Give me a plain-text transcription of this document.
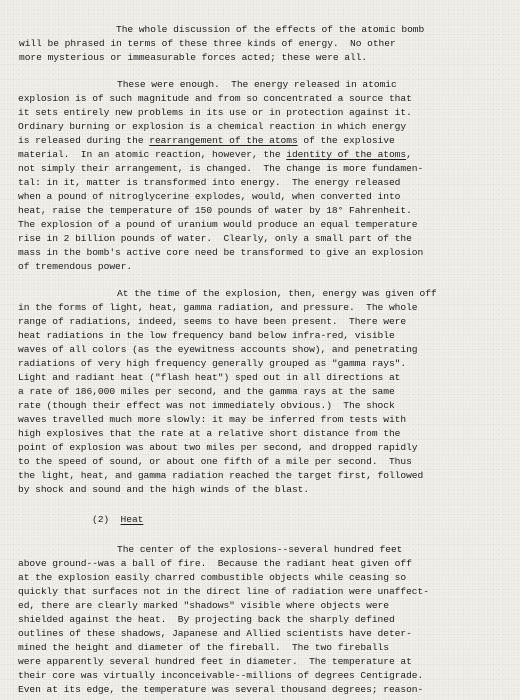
The whole discussion of the effects of the atomic bomb
will be phrased in terms of these three kinds of energy.  No other
more mysterious or immeasurable forces acted; these were all.
These were enough.  The energy released in atomic
explosion is of such magnitude and from so concentrated a source that
it sets entirely new problems in its use or in protection against it.
Ordinary burning or explosion is a chemical reaction in which energy
is released during the rearrangement of the atoms of the explosive
material.  In an atomic reaction, however, the identity of the atoms,
not simply their arrangement, is changed.  The change is more fundamen-
tal: in it, matter is transformed into energy.  The energy released
when a pound of nitroglycerine explodes, would, when converted into
heat, raise the temperature of 150 pounds of water by 18° Fahrenheit.
The explosion of a pound of uranium would produce an equal temperature
rise in 2 billion pounds of water.  Clearly, only a small part of the
mass in the bomb's active core need be transformed to give an explosion
of tremendous power.
At the time of the explosion, then, energy was given off
in the forms of light, heat, gamma radiation, and pressure.  The whole
range of radiations, indeed, seems to have been present.  There were
heat radiations in the low frequency band below infra-red, visible
waves of all colors (as the eyewitness accounts show), and penetrating
radiations of very high frequency generally grouped as "gamma rays".
Light and radiant heat ("flash heat") sped out in all directions at
a rate of 186,000 miles per second, and the gamma rays at the same
rate (though their effect was not immediately obvious.)  The shock
waves travelled much more slowly: it may be inferred from tests with
high explosives that the rate at a relative short distance from the
point of explosion was about two miles per second, and dropped rapidly
to the speed of sound, or about one fifth of a mile per second.  Thus
the light, heat, and gamma radiation reached the target first, followed
by shock and sound and the high winds of the blast.
(2)  Heat
The center of the explosions--several hundred feet
above ground--was a ball of fire.  Because the radiant heat given off
at the explosion easily charred combustible objects while ceasing so
quickly that surfaces not in the direct line of radiation were unaffect-
ed, there are clearly marked "shadows" visible where objects were
shielded against the heat.  By projecting back the sharply defined
outlines of these shadows, Japanese and Allied scientists have deter-
mined the height and diameter of the fireball.  The two fireballs
were apparently several hundred feet in diameter.  The temperature at
their core was virtually inconceivable--millions of degrees Centigrade.
Even at its edge, the temperature was several thousand degrees; reason-
